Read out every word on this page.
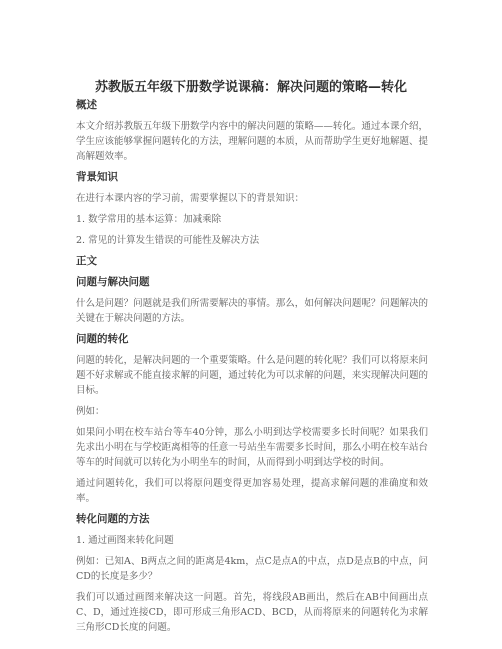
苏教版五年级下册数学说课稿：解决问题的策略—转化
概述
本文介绍苏教版五年级下册数学内容中的解决问题的策略——转化。通过本课介绍，学生应该能够掌握问题转化的方法，理解问题的本质，从而帮助学生更好地解题、提高解题效率。
背景知识
在进行本课内容的学习前，需要掌握以下的背景知识：
1. 数学常用的基本运算：加减乘除
2. 常见的计算发生错误的可能性及解决方法
正文
问题与解决问题
什么是问题？问题就是我们所需要解决的事情。那么，如何解决问题呢？问题解决的关键在于解决问题的方法。
问题的转化
问题的转化，是解决问题的一个重要策略。什么是问题的转化呢？我们可以将原来问题不好求解或不能直接求解的问题，通过转化为可以求解的问题，来实现解决问题的目标。
例如：
如果问小明在校车站台等车40分钟，那么小明到达学校需要多长时间呢？如果我们先求出小明在与学校距离相等的任意一号站坐车需要多长时间，那么小明在校车站台等车的时间就可以转化为小明坐车的时间，从而得到小明到达学校的时间。
通过问题转化，我们可以将原问题变得更加容易处理，提高求解问题的准确度和效率。
转化问题的方法
1. 通过画图来转化问题
例如：已知A、B两点之间的距离是4km，点C是点A的中点，点D是点B的中点，问CD的长度是多少？
我们可以通过画图来解决这一问题。首先，将线段AB画出，然后在AB中间画出点C、D，通过连接CD，即可形成三角形ACD、BCD，从而将原来的问题转化为求解三角形CD长度的问题。
